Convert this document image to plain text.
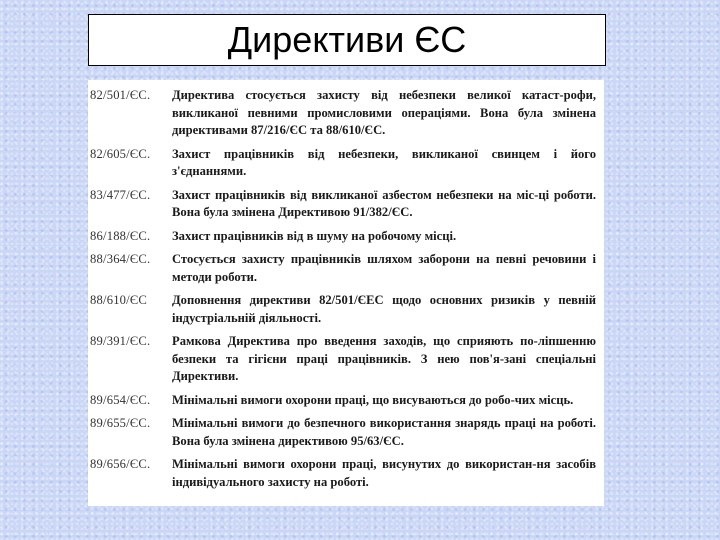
Директиви ЄС
82/501/ЄС.	Директива стосується захисту від небезпеки великої катаст-рофи, викликаної певними промисловими операціями. Вона була змінена директивами 87/216/ЄС та 88/610/ЄС.
82/605/ЄС.	Захист працівників від небезпеки, викликаної свинцем і його з'єднаннями.
83/477/ЄС.	Захист працівників від викликаної азбестом небезпеки на міс-ці роботи. Вона була змінена Директивою 91/382/ЄС.
86/188/ЄС.	Захист працівників від в шуму на робочому місці.
88/364/ЄС.	Стосується захисту працівників шляхом заборони на певні речовини і методи роботи.
88/610/ЄС	Доповнення директиви 82/501/ЄЕС щодо основних ризиків у певній індустріальній діяльності.
89/391/ЄС.	Рамкова Директива про введення заходів, що сприяють по-ліпшенню безпеки та гігієни праці працівників. З нею пов'я-зані спеціальні Директиви.
89/654/ЄС.	Мінімальні вимоги охорони праці, що висуваються до робо-чих місць.
89/655/ЄС.	Мінімальні вимоги до безпечного використання знарядь праці на роботі. Вона була змінена директивою 95/63/ЄС.
89/656/ЄС.	Мінімальні вимоги охорони праці, висунутих до використан-ня засобів індивідуального захисту на роботі.
